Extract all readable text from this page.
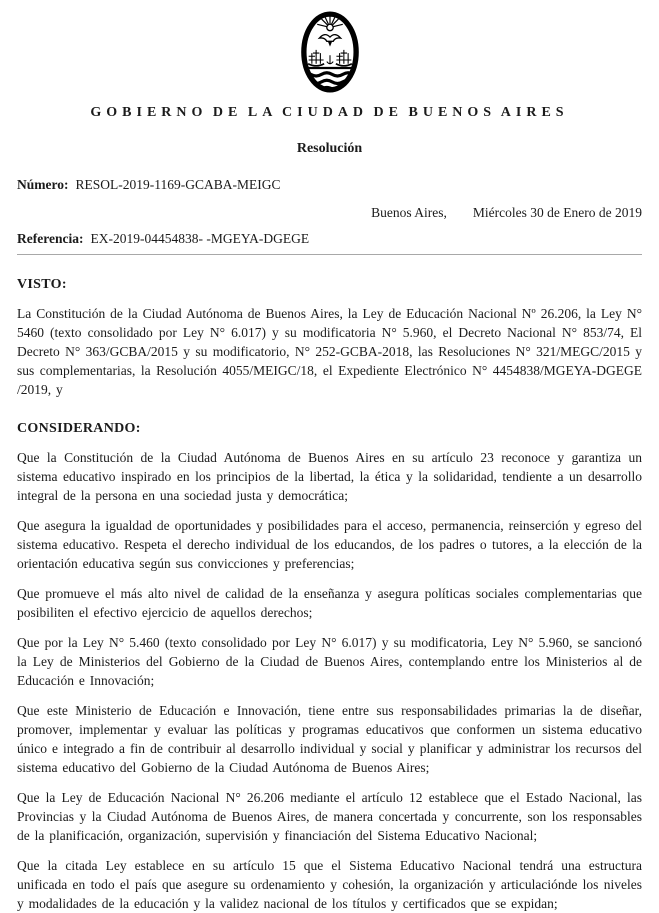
GOBIERNO DE LA CIUDAD DE BUENOS AIRES
Resolución
Número: RESOL-2019-1169-GCABA-MEIGC
Buenos Aires, Miércoles 30 de Enero de 2019
Referencia: EX-2019-04454838- -MGEYA-DGEGE
VISTO:

La Constitución de la Ciudad Autónoma de Buenos Aires, la Ley de Educación Nacional Nº 26.206, la Ley N° 5460 (texto consolidado por Ley N° 6.017) y su modificatoria N° 5.960, el Decreto Nacional N° 853/74, El Decreto N° 363/GCBA/2015 y su modificatorio, N° 252-GCBA-2018, las Resoluciones N° 321/MEGC/2015 y sus complementarias, la Resolución 4055/MEIGC/18, el Expediente Electrónico N° 4454838/MGEYA-DGEGE /2019, y

CONSIDERANDO:

Que la Constitución de la Ciudad Autónoma de Buenos Aires en su artículo 23 reconoce y garantiza un sistema educativo inspirado en los principios de la libertad, la ética y la solidaridad, tendiente a un desarrollo integral de la persona en una sociedad justa y democrática;

Que asegura la igualdad de oportunidades y posibilidades para el acceso, permanencia, reinserción y egreso del sistema educativo. Respeta el derecho individual de los educandos, de los padres o tutores, a la elección de la orientación educativa según sus convicciones y preferencias;

Que promueve el más alto nivel de calidad de la enseñanza y asegura políticas sociales complementarias que posibiliten el efectivo ejercicio de aquellos derechos;

Que por la Ley N° 5.460 (texto consolidado por Ley N° 6.017) y su modificatoria, Ley N° 5.960, se sancionó la Ley de Ministerios del Gobierno de la Ciudad de Buenos Aires, contemplando entre los Ministerios al de Educación e Innovación;

Que este Ministerio de Educación e Innovación, tiene entre sus responsabilidades primarias la de diseñar, promover, implementar y evaluar las políticas y programas educativos que conformen un sistema educativo único e integrado a fin de contribuir al desarrollo individual y social y planificar y administrar los recursos del sistema educativo del Gobierno de la Ciudad Autónoma de Buenos Aires;

Que la Ley de Educación Nacional N° 26.206 mediante el artículo 12 establece que el Estado Nacional, las Provincias y la Ciudad Autónoma de Buenos Aires, de manera concertada y concurrente, son los responsables de la planificación, organización, supervisión y financiación del Sistema Educativo Nacional;

Que la citada Ley establece en su artículo 15 que el Sistema Educativo Nacional tendrá una estructura unificada en todo el país que asegure su ordenamiento y cohesión, la organización y articulaciónde los niveles y modalidades de la educación y la validez nacional de los títulos y certificados que se expidan;
